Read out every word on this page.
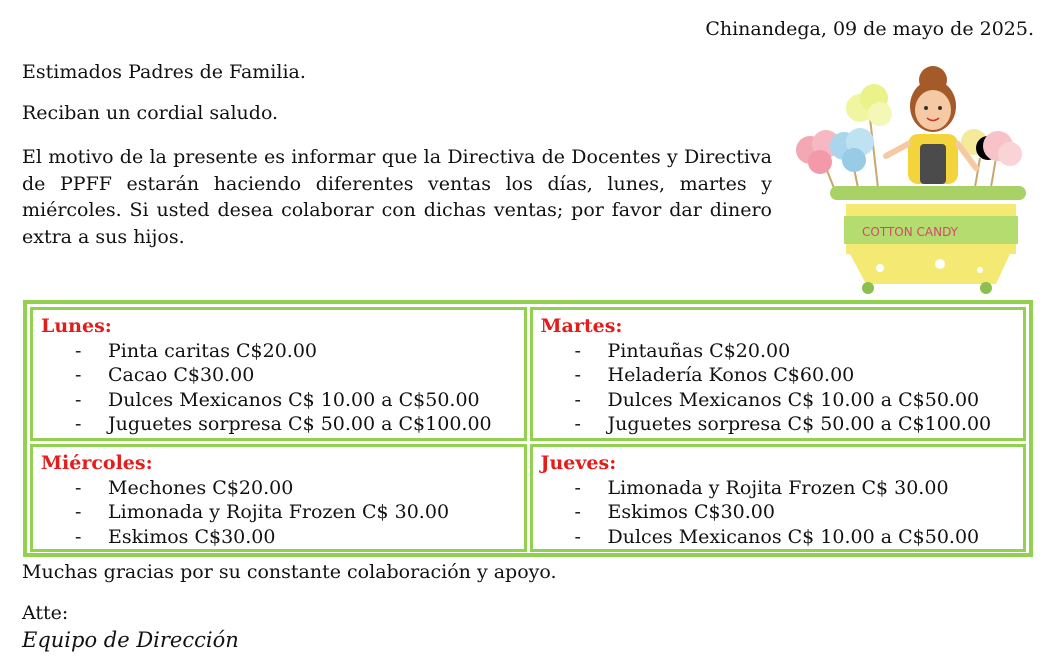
Chinandega, 09 de mayo de 2025.
Estimados Padres de Familia.
Reciban un cordial saludo.
El motivo de la presente es informar que la Directiva de Docentes y Directiva de PPFF estarán haciendo diferentes ventas los días, lunes, martes y miércoles. Si usted desea colaborar con dichas ventas; por favor dar dinero extra a sus hijos.	COTTON CANDY
Lunes:
- Pinta caritas C$20.00
- Cacao C$30.00
- Dulces Mexicanos C$ 10.00 a C$50.00
- Juguetes sorpresa C$ 50.00 a C$100.00
Martes:
- Pintauñas C$20.00
- Heladería Konos C$60.00
- Dulces Mexicanos C$ 10.00 a C$50.00
- Juguetes sorpresa C$ 50.00 a C$100.00
Miércoles:
- Mechones C$20.00
- Limonada y Rojita Frozen C$ 30.00
- Eskimos C$30.00
Jueves:
- Limonada y Rojita Frozen C$ 30.00
- Eskimos C$30.00
- Dulces Mexicanos C$ 10.00 a C$50.00
Muchas gracias por su constante colaboración y apoyo.
Atte:
Equipo de Dirección
